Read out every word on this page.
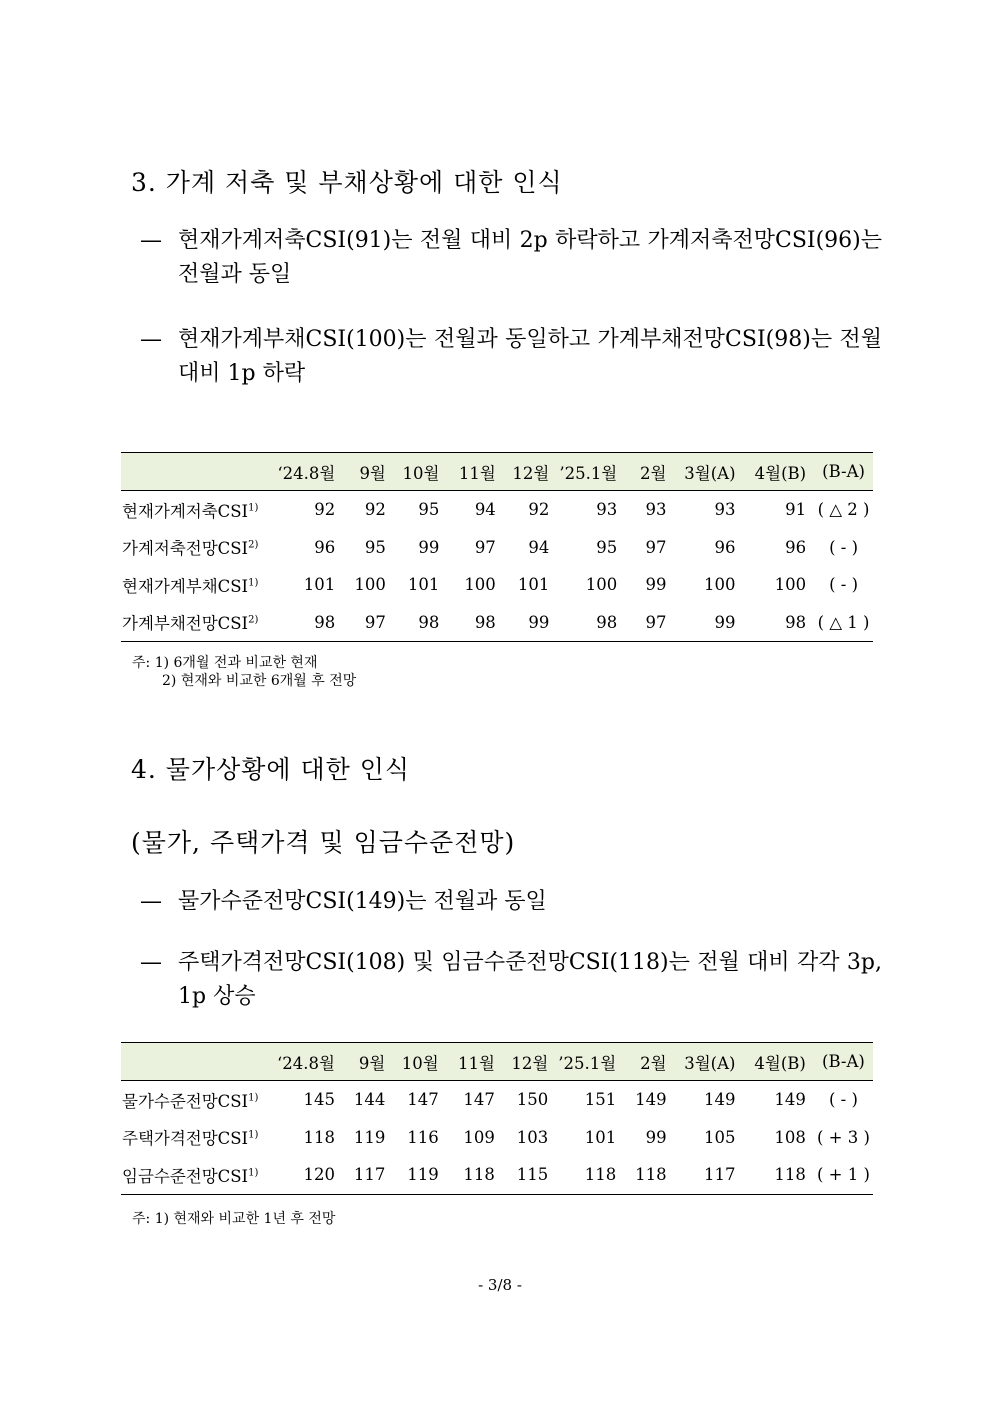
3. 가계 저축 및 부채상황에 대한 인식
— 현재가계저축CSI(91)는 전월 대비 2p 하락하고 가계저축전망CSI(96)는 전월과 동일
— 현재가계부채CSI(100)는 전월과 동일하고 가계부채전망CSI(98)는 전월 대비 1p 하락
	‘24.8월	9월	10월	11월	12월	’25.1월	2월	3월(A)	4월(B)	(B-A)
현재가계저축CSI$^{1)}$	92	92	95	94	92	93	93	93	91	( △ 2 )
가계저축전망CSI$^{2)}$	96	95	99	97	94	95	97	96	96	( - )
현재가계부채CSI$^{1)}$	101	100	101	100	101	100	99	100	100	( - )
가계부채전망CSI$^{2)}$	98	97	98	98	99	98	97	99	98	( △ 1 )
주: 1) 6개월 전과 비교한 현재
2) 현재와 비교한 6개월 후 전망
4. 물가상황에 대한 인식
(물가, 주택가격 및 임금수준전망)
— 물가수준전망CSI(149)는 전월과 동일
— 주택가격전망CSI(108) 및 임금수준전망CSI(118)는 전월 대비 각각 3p, 1p 상승
	‘24.8월	9월	10월	11월	12월	’25.1월	2월	3월(A)	4월(B)	(B-A)
물가수준전망CSI$^{1)}$	145	144	147	147	150	151	149	149	149	( - )
주택가격전망CSI$^{1)}$	118	119	116	109	103	101	99	105	108	( + 3 )
임금수준전망CSI$^{1)}$	120	117	119	118	115	118	118	117	118	( + 1 )
주: 1) 현재와 비교한 1년 후 전망
- 3/8 -
